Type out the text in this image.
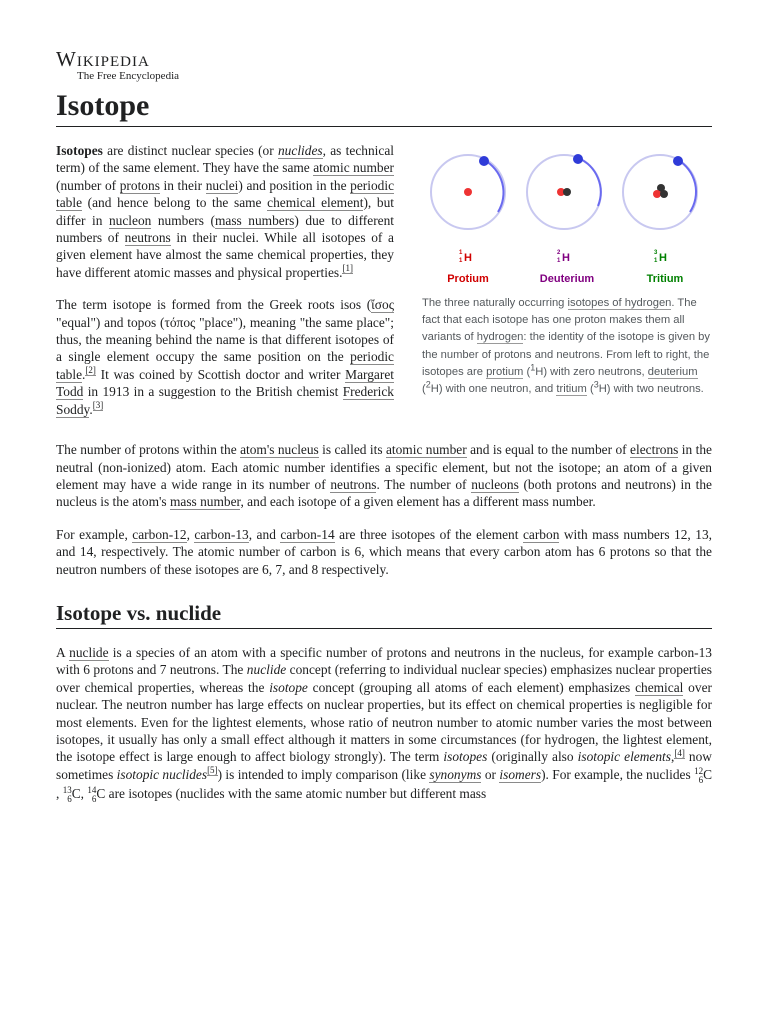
Wikipedia
The Free Encyclopedia
Isotope
1
1 H	2
1 H	3
1 H
Protium	Deuterium	Tritium
The three naturally occurring isotopes of hydrogen. The fact that each isotope has one proton makes them all variants of hydrogen: the identity of the isotope is given by the number of protons and neutrons. From left to right, the isotopes are protium ($^1$H) with zero neutrons, deuterium ($^2$H) with one neutron, and tritium ($^3$H) with two neutrons.

Isotopes are distinct nuclear species (or nuclides, as technical term) of the same element. They have the same atomic number (number of protons in their nuclei) and position in the periodic table (and hence belong to the same chemical element), but differ in nucleon numbers (mass numbers) due to different numbers of neutrons in their nuclei. While all isotopes of a given element have almost the same chemical properties, they have different atomic masses and physical properties.[1]

The term isotope is formed from the Greek roots isos (ἴσος "equal") and topos (τόπος "place"), meaning "the same place"; thus, the meaning behind the name is that different isotopes of a single element occupy the same position on the periodic table.[2] It was coined by Scottish doctor and writer Margaret Todd in 1913 in a suggestion to the British chemist Frederick Soddy.[3]

The number of protons within the atom's nucleus is called its atomic number and is equal to the number of electrons in the neutral (non-ionized) atom. Each atomic number identifies a specific element, but not the isotope; an atom of a given element may have a wide range in its number of neutrons. The number of nucleons (both protons and neutrons) in the nucleus is the atom's mass number, and each isotope of a given element has a different mass number.

For example, carbon-12, carbon-13, and carbon-14 are three isotopes of the element carbon with mass numbers 12, 13, and 14, respectively. The atomic number of carbon is 6, which means that every carbon atom has 6 protons so that the neutron numbers of these isotopes are 6, 7, and 8 respectively.

Isotope vs. nuclide

A nuclide is a species of an atom with a specific number of protons and neutrons in the nucleus, for example carbon-13 with 6 protons and 7 neutrons. The nuclide concept (referring to individual nuclear species) emphasizes nuclear properties over chemical properties, whereas the isotope concept (grouping all atoms of each element) emphasizes chemical over nuclear. The neutron number has large effects on nuclear properties, but its effect on chemical properties is negligible for most elements. Even for the lightest elements, whose ratio of neutron number to atomic number varies the most between isotopes, it usually has only a small effect although it matters in some circumstances (for hydrogen, the lightest element, the isotope effect is large enough to affect biology strongly). The term isotopes (originally also isotopic elements,[4] now sometimes isotopic nuclides[5]) is intended to imply comparison (like synonyms or isomers). For example, the nuclides 12
6C, 13
6C, 14
6C are isotopes (nuclides with the same atomic number but different mass
